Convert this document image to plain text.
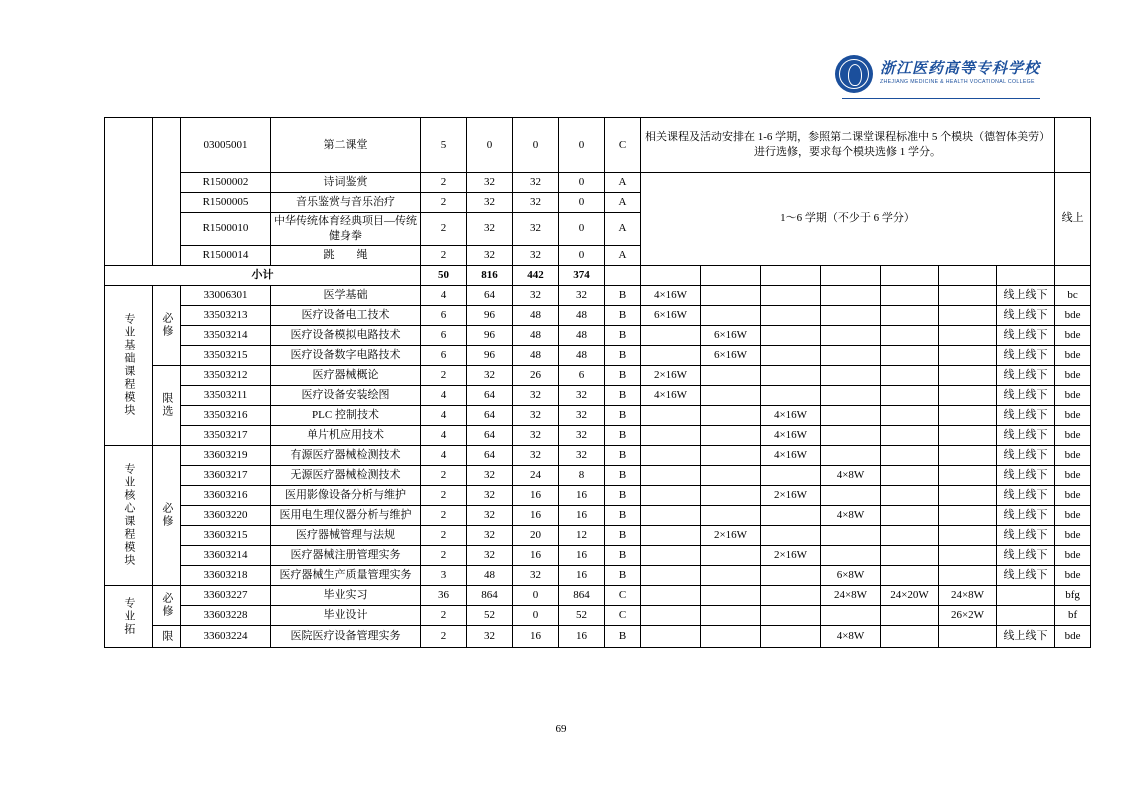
浙江医药高等专科学校
ZHEJIANG MEDICINE & HEALTH VOCATIONAL COLLEGE
		03005001	第二课堂	5	0	0	0	C	相关课程及活动安排在 1-6 学期，参照第二课堂课程标准中 5 个模块（德智体美劳）进行选修，要求每个模块选修 1 学分。		
		R1500002	诗词鉴赏	2	32	32	0	A	1～6 学期（不少于 6 学分）							线上	
		R1500005	音乐鉴赏与音乐治疗	2	32	32	0	A									
		R1500010	中华传统体育经典项目—传统健身拳	2	32	32	0	A									
		R1500014	跳　　绳	2	32	32	0	A									
小计				50	816	442	374										
专业基础课程模块	必修	33006301	医学基础	4	64	32	32	B	4×16W						线上线下	bc	
		33503213	医疗设备电工技术	6	96	48	48	B	6×16W						线上线下	bde	
		33503214	医疗设备模拟电路技术	6	96	48	48	B		6×16W					线上线下	bde	
		33503215	医疗设备数字电路技术	6	96	48	48	B		6×16W					线上线下	bde	
	限选	33503212	医疗器械概论	2	32	26	6	B	2×16W						线上线下	bde	
		33503211	医疗设备安装绘图	4	64	32	32	B	4×16W						线上线下	bde	
		33503216	PLC 控制技术	4	64	32	32	B			4×16W				线上线下	bde	
		33503217	单片机应用技术	4	64	32	32	B			4×16W				线上线下	bde	
专业核心课程模块	必修	33603219	有源医疗器械检测技术	4	64	32	32	B			4×16W				线上线下	bde	
		33603217	无源医疗器械检测技术	2	32	24	8	B				4×8W			线上线下	bde	
		33603216	医用影像设备分析与维护	2	32	16	16	B			2×16W				线上线下	bde	
		33603220	医用电生理仪器分析与维护	2	32	16	16	B				4×8W			线上线下	bde	
		33603215	医疗器械管理与法规	2	32	20	12	B		2×16W					线上线下	bde	
		33603214	医疗器械注册管理实务	2	32	16	16	B			2×16W				线上线下	bde	
		33603218	医疗器械生产质量管理实务	3	48	32	16	B				6×8W			线上线下	bde	
专业拓	必修	33603227	毕业实习	36	864	0	864	C				24×8W	24×20W	24×8W		bfg	
		33603228	毕业设计	2	52	0	52	C						26×2W		bf	
	限	33603224	医院医疗设备管理实务	2	32	16	16	B				4×8W			线上线下	bde	
69
